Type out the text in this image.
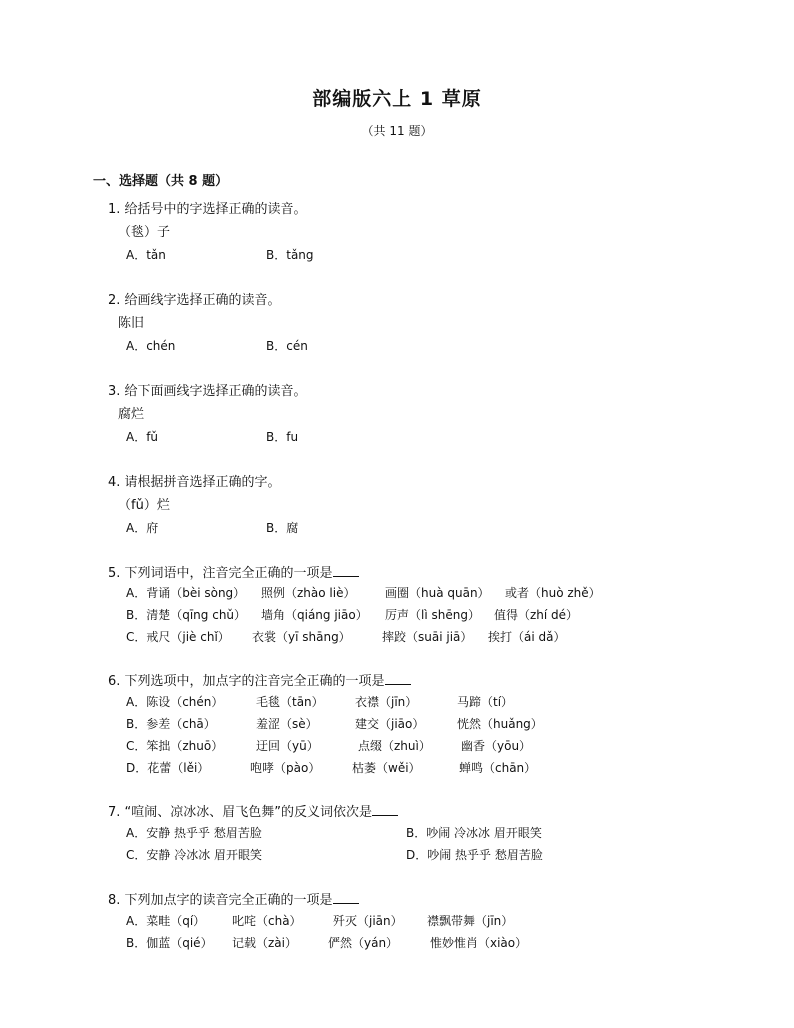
部编版六上 1 草原
（共 11 题）
一、选择题（共 8 题）
1. 给括号中的字选择正确的读音。
（毯）子
A．tǎn	B．tǎng
2. 给画线字选择正确的读音。
陈旧
A．chén	B．cén
3. 给下面画线字选择正确的读音。
腐烂
A．fǔ	B．fu
4. 请根据拼音选择正确的字。
（fǔ）烂
A．府	B．腐
5. 下列词语中，注音完全正确的一项是
A．背诵（bèi sòng） 照例（zhào liè） 画圈（huà quān） 或者（huò zhě）
B．清楚（qīng chǔ） 墙角（qiáng jiāo） 厉声（lì shēng） 值得（zhí dé）
C．戒尺（jiè chǐ） 衣裳（yī shāng）	摔跤（suāi jiā） 挨打（ái dǎ）
6. 下列选项中，加点字的注音完全正确的一项是
A．陈设（chén）	毛毯（tān）	衣襟（jīn）	马蹄（tí）
B．参差（chā）	羞涩（sè）	建交（jiāo）	恍然（huǎng）
C．笨拙（zhuō）	迂回（yū）	点缀（zhuì）	幽香（yōu）
D．花蕾（lěi）	咆哮（pào）	枯萎（wěi）	蝉鸣（chān）
7. “喧闹、凉冰冰、眉飞色舞”的反义词依次是
A．安静 热乎乎 愁眉苦脸	B．吵闹 冷冰冰 眉开眼笑
C．安静 冷冰冰 眉开眼笑	D．吵闹 热乎乎 愁眉苦脸
8. 下列加点字的读音完全正确的一项是
A．菜畦（qí） 叱咤（chà）	歼灭（jiān） 襟飘带舞（jīn）
B．伽蓝（qié） 记载（zài）	俨然（yán）	惟妙惟肖（xiào）
